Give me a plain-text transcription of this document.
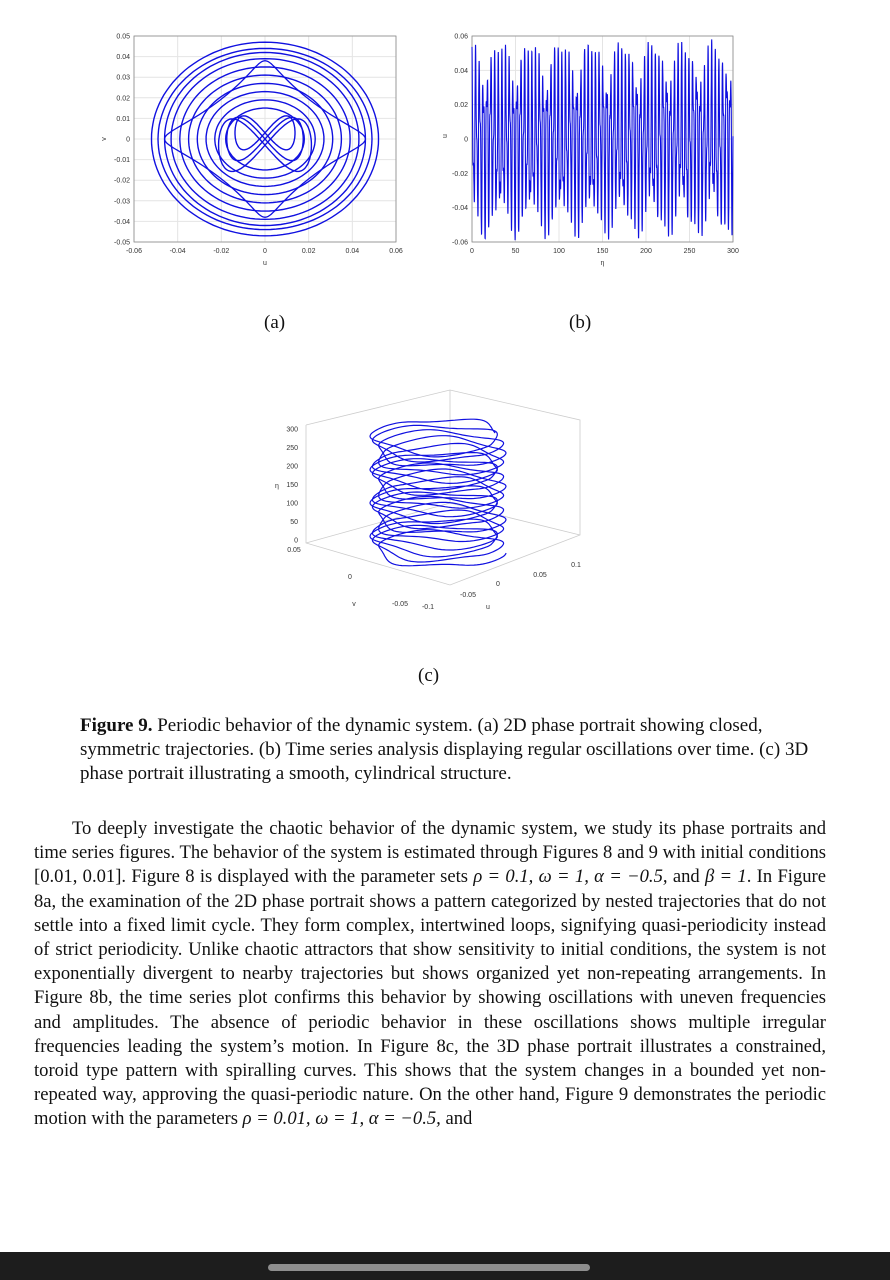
-0.06	-0.04	-0.02	0	0.02	0.04	0.06
0.05
0.04
0.03
0.02
0.01
0
-0.01
-0.02
-0.03
-0.04
-0.05
u
v
0	50	100	150	200	250	300
0.06
0.04
0.02
0
-0.02
-0.04
-0.06
η
u
300
250
200
150
100
50
0
η
0.05
0
-0.05
v	-0.1
-0.05
0
0.05
0.1
u
(a)	(b)
(c)
Figure 9. Periodic behavior of the dynamic system. (a) 2D phase portrait showing closed, symmetric trajectories. (b) Time series analysis displaying regular oscillations over time. (c) 3D phase portrait illustrating a smooth, cylindrical structure.

To deeply investigate the chaotic behavior of the dynamic system, we study its phase portraits and time series figures. The behavior of the system is estimated through Figures 8 and 9 with initial conditions [0.01, 0.01]. Figure 8 is displayed with the parameter sets ρ = 0.1, ω = 1, α = −0.5, and β = 1. In Figure 8a, the examination of the 2D phase portrait shows a pattern categorized by nested trajectories that do not settle into a fixed limit cycle. They form complex, intertwined loops, signifying quasi-periodicity instead of strict periodicity. Unlike chaotic attractors that show sensitivity to initial conditions, the system is not exponentially divergent to nearby trajectories but shows organized yet non-repeating arrangements. In Figure 8b, the time series plot confirms this behavior by showing oscillations with uneven frequencies and amplitudes. The absence of periodic behavior in these oscillations shows multiple irregular frequencies leading the system’s motion. In Figure 8c, the 3D phase portrait illustrates a constrained, toroid type pattern with spiralling curves. This shows that the system changes in a bounded yet non-repeated way, approving the quasi-periodic nature. On the other hand, Figure 9 demonstrates the periodic motion with the parameters ρ = 0.01, ω = 1, α = −0.5, and
